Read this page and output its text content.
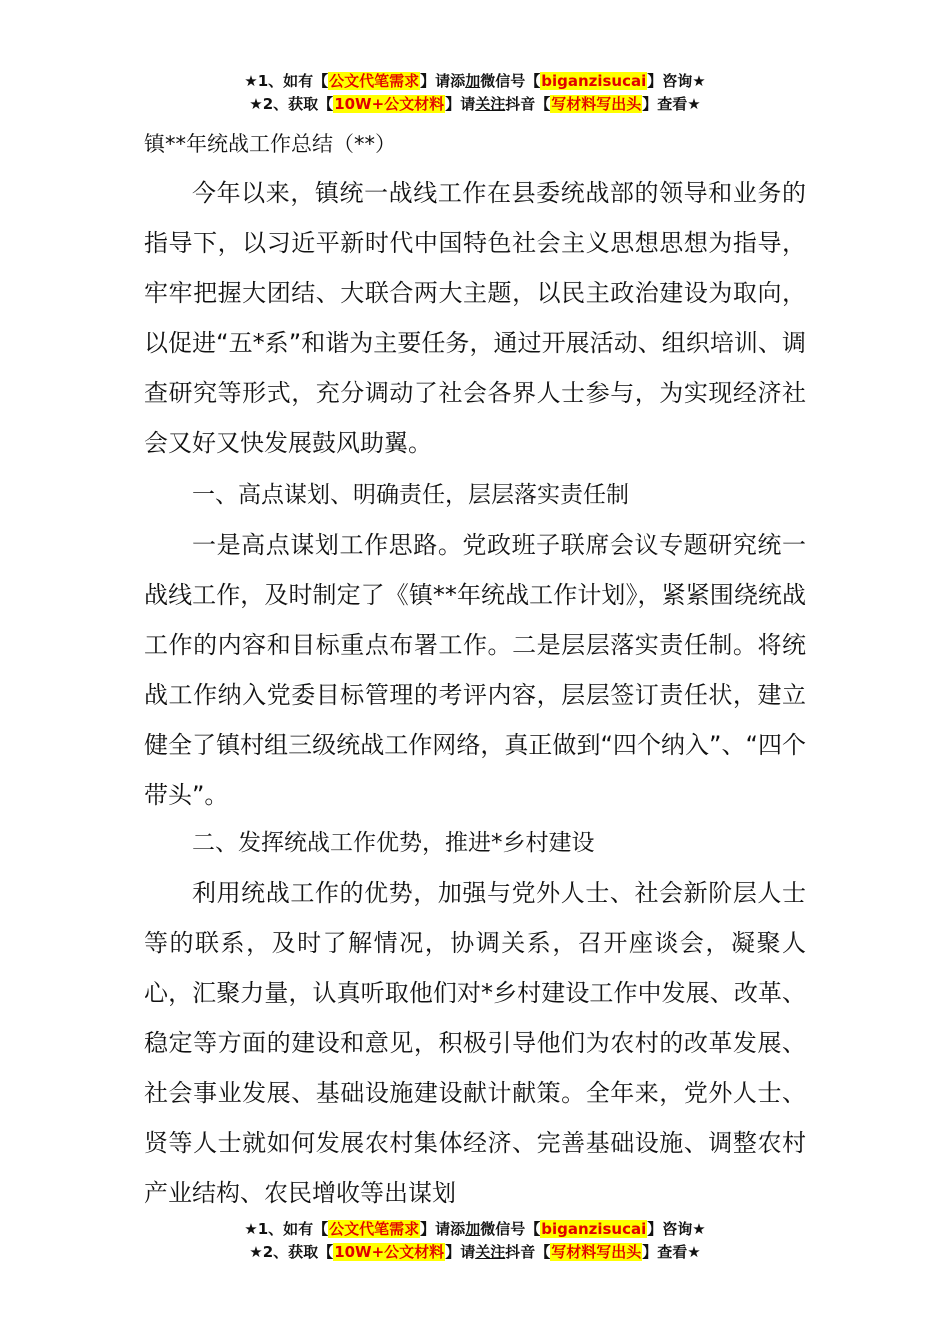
★1、如有【公文代笔需求】请添加微信号【biganzisucai】咨询★
★2、获取【10W+公文材料】请关注抖音【写材料写出头】查看★
镇**年统战工作总结（**）
今年以来，镇统一战线工作在县委统战部的领导和业务的指导下，以习近平新时代中国特色社会主义思想思想为指导，牢牢把握大团结、大联合两大主题，以民主政治建设为取向，以促进“五*系”和谐为主要任务，通过开展活动、组织培训、调查研究等形式，充分调动了社会各界人士参与，为实现经济社会又好又快发展鼓风助翼。
一、高点谋划、明确责任，层层落实责任制
一是高点谋划工作思路。党政班子联席会议专题研究统一战线工作，及时制定了《镇**年统战工作计划》，紧紧围绕统战工作的内容和目标重点布署工作。二是层层落实责任制。将统战工作纳入党委目标管理的考评内容，层层签订责任状，建立健全了镇村组三级统战工作网络，真正做到“四个纳入”、“四个带头”。
二、发挥统战工作优势，推进*乡村建设
利用统战工作的优势，加强与党外人士、社会新阶层人士等的联系，及时了解情况，协调关系，召开座谈会，凝聚人心，汇聚力量，认真听取他们对*乡村建设工作中发展、改革、稳定等方面的建设和意见，积极引导他们为农村的改革发展、社会事业发展、基础设施建设献计献策。全年来，党外人士、贤等人士就如何发展农村集体经济、完善基础设施、调整农村产业结构、农民增收等出谋划
★1、如有【公文代笔需求】请添加微信号【biganzisucai】咨询★
★2、获取【10W+公文材料】请关注抖音【写材料写出头】查看★
